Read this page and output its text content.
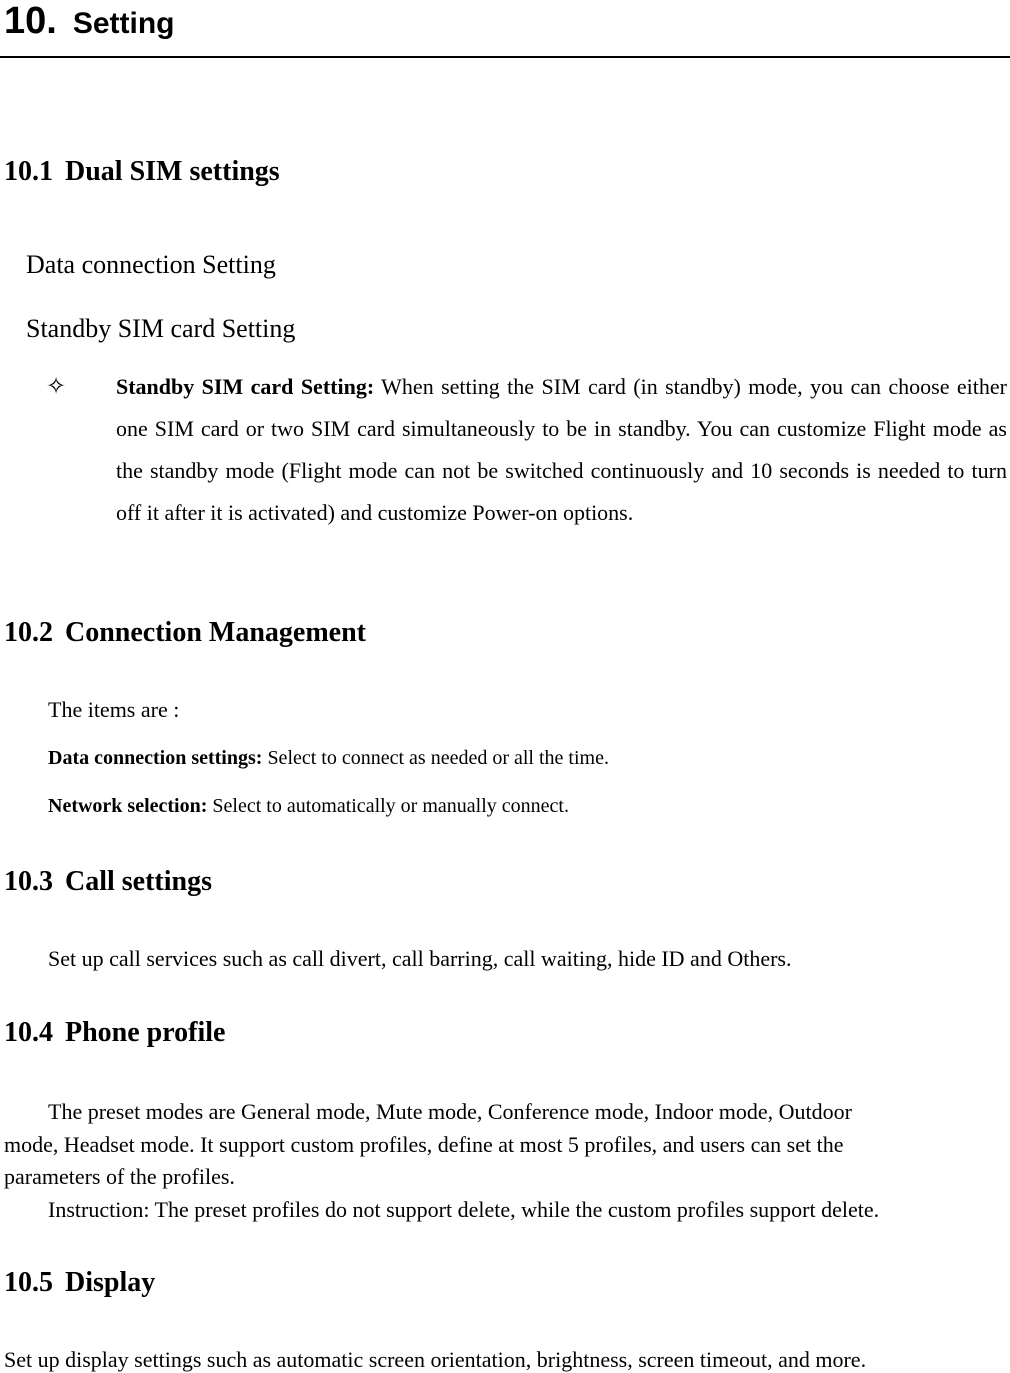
10. Setting
10.1 Dual SIM settings
Data connection Setting
Standby SIM card Setting
✧ Standby SIM card Setting: When setting the SIM card (in standby) mode, you can choose either one SIM card or two SIM card simultaneously to be in standby. You can customize Flight mode as the standby mode (Flight mode can not be switched continuously and 10 seconds is needed to turn off it after it is activated) and customize Power-on options.
10.2 Connection Management
The items are :
Data connection settings: Select to connect as needed or all the time.
Network selection: Select to automatically or manually connect.
10.3 Call settings
Set up call services such as call divert, call barring, call waiting, hide ID and Others.
10.4 Phone profile
The preset modes are General mode, Mute mode, Conference mode, Indoor mode, Outdoor
mode, Headset mode. It support custom profiles, define at most 5 profiles, and users can set the
parameters of the profiles.
Instruction: The preset profiles do not support delete, while the custom profiles support delete.
10.5 Display
Set up display settings such as automatic screen orientation, brightness, screen timeout, and more.
